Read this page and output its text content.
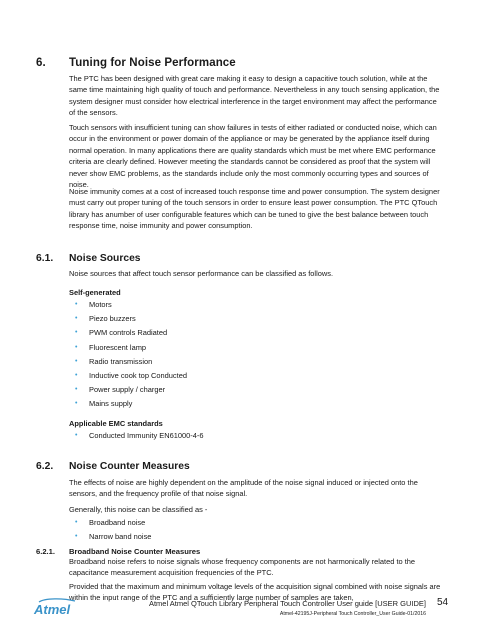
6. Tuning for Noise Performance

The PTC has been designed with great care making it easy to design a capacitive touch solution, while at the same time maintaining high quality of touch and performance. Nevertheless in any touch sensing application, the system designer must consider how electrical interference in the target environment may affect the performance of the sensors.

Touch sensors with insufficient tuning can show failures in tests of either radiated or conducted noise, which can occur in the environment or power domain of the appliance or may be generated by the appliance itself during normal operation. In many applications there are quality standards which must be met where EMC performance criteria are clearly defined. However meeting the standards cannot be considered as proof that the system will never show EMC problems, as the standards include only the most commonly occurring types and sources of noise.

Noise immunity comes at a cost of increased touch response time and power consumption. The system designer must carry out proper tuning of the touch sensors in order to ensure least power consumption. The PTC QTouch library has anumber of user configurable features which can be tuned to give the best balance between touch response time, noise immunity and power consumption.

6.1. Noise Sources

Noise sources that affect touch sensor performance can be classified as follows.

Self-generated
• Motors
• Piezo buzzers
• PWM controls Radiated
• Fluorescent lamp
• Radio transmission
• Inductive cook top Conducted
• Power supply / charger
• Mains supply
Applicable EMC standards
• Conducted Immunity EN61000-4-6
6.2. Noise Counter Measures

The effects of noise are highly dependent on the amplitude of the noise signal induced or injected onto the sensors, and the frequency profile of that noise signal.

Generally, this noise can be classified as -

• Broadband noise
• Narrow band noise
6.2.1. Broadband Noise Counter Measures

Broadband noise refers to noise signals whose frequency components are not harmonically related to the capacitance measurement acquisition frequencies of the PTC.

Provided that the maximum and minimum voltage levels of the acquisition signal combined with noise signals are within the input range of the PTC and a sufficiently large number of samples are taken,

Atmel	Atmel Atmel QTouch Library Peripheral Touch Controller User guide [USER GUIDE] 54
Atmel-42195J-Peripheral Touch Controller_User Guide-01/2016
